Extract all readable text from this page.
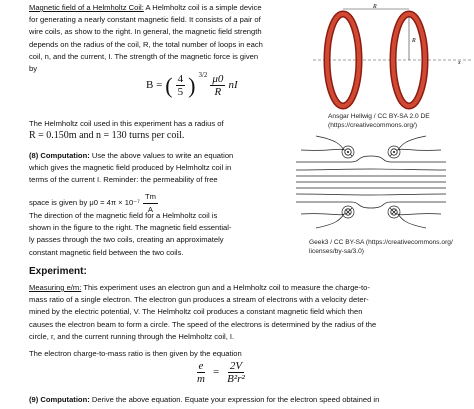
Magnetic field of a Helmholtz Coil: A Helmholtz coil is a simple device
for generating a nearly constant magnetic field. It consists of a pair of
wire coils, as show to the right. In general, the magnetic field strength
depends on the radius of the coil, R, the total number of loops in each
coil, n, and the current, I. The strength of the magnetic force is given
by
B = ( $\frac{4}{5}$ ) $^{3/2} \frac{\mu 0}{R}$ nI
The Helmholtz coil used in this experiment has a radius of
R = 0.150m and n = 130 turns per coil.
(8) Computation: Use the above values to write an equation
which gives the magnetic field produced by Helmholtz coil in
terms of the current I. Reminder: the permeability of free
space is given by $\mu 0 = 4\pi \times 10^{-7} \frac{Tm}{A}$
The direction of the magnetic field for a Helmholtz coil is
shown in the figure to the right. The magnetic field essential-
ly passes through the two coils, creating an approximately
constant magnetic field between the two coils.
R
R
x
Ansgar Hellwig / CC BY-SA 2.0 DE
(https://creativecommons.org/)
Geek3 / CC BY-SA (https://creativecommons.org/
licenses/by-sa/3.0)
Experiment:
Measuring e/m: This experiment uses an electron gun and a Helmholtz coil to measure the charge-to-
mass ratio of a single electron. The electron gun produces a stream of electrons with a velocity deter-
mined by the electric potential, V. The Helmholtz coil produces a constant magnetic field which then
causes the electron beam to form a circle. The speed of the electrons is determined by the radius of the
circle, r, and the current running through the Helmholtz coil, I.
The electron charge-to-mass ratio is then given by the equation
$\frac{e}{m} = \frac{2V}{\text{B²r²}}$
(9) Computation: Derive the above equation. Equate your expression for the electron speed obtained in
